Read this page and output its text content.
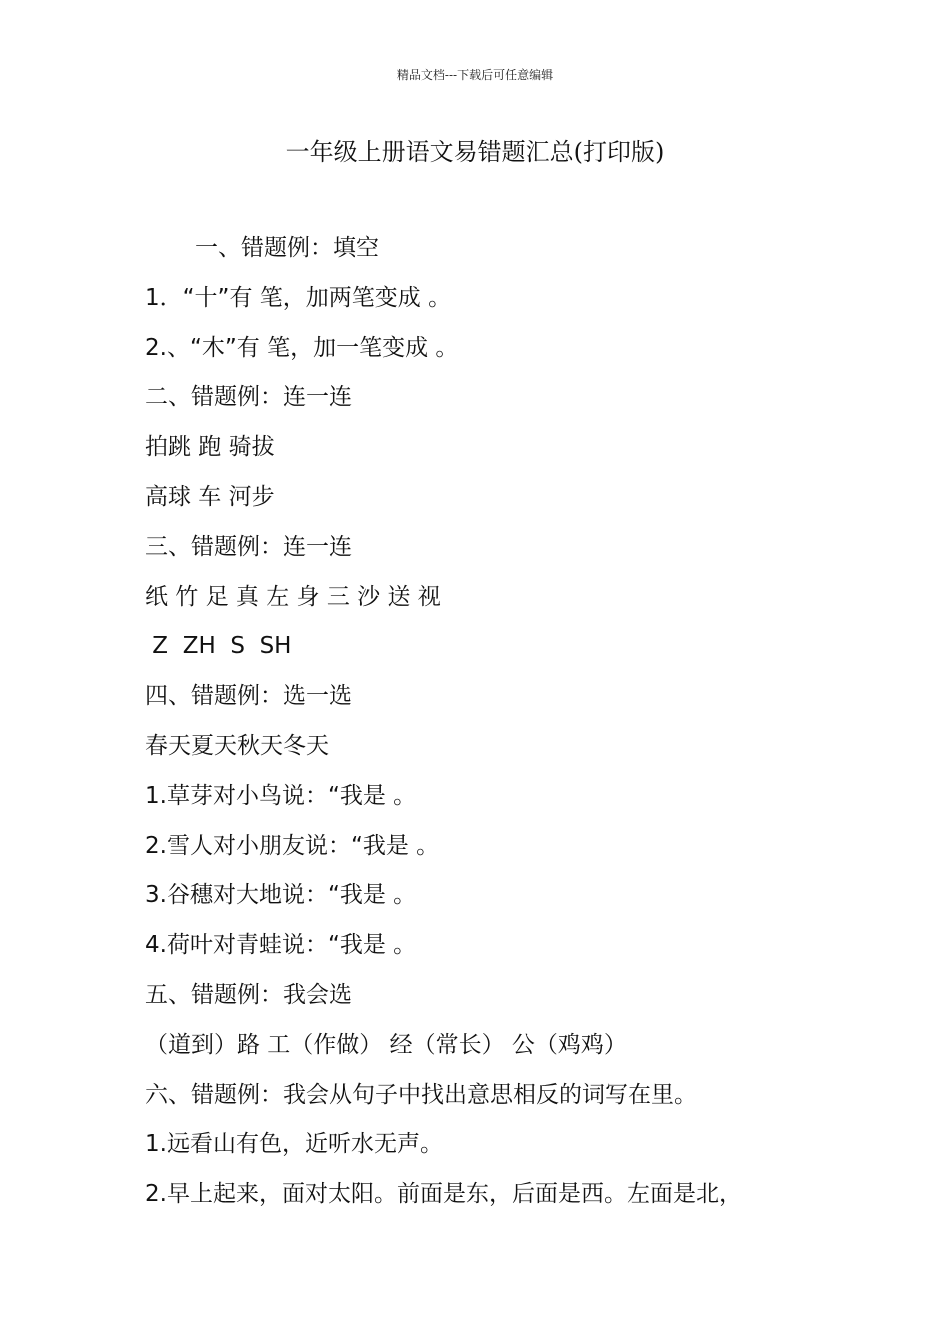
精品文档---下载后可任意编辑
一年级上册语文易错题汇总(打印版)
一、错题例：填空
1．“十”有 笔，加两笔变成 。
2.、“木”有 笔，加一笔变成 。
二、错题例：连一连
拍跳 跑 骑拔
高球 车 河步
三、错题例：连一连
纸 竹 足 真 左 身 三 沙 送 视
Z  ZH  S  SH
四、错题例：选一选
春天夏天秋天冬天
1.草芽对小鸟说：“我是 。
2.雪人对小朋友说：“我是 。
3.谷穗对大地说：“我是 。
4.荷叶对青蛙说：“我是 。
五、错题例：我会选
（道到）路 工（作做） 经（常长） 公（鸡鸡）
六、错题例：我会从句子中找出意思相反的词写在里。
1.远看山有色，近听水无声。
2.早上起来，面对太阳。前面是东，后面是西。左面是北，
